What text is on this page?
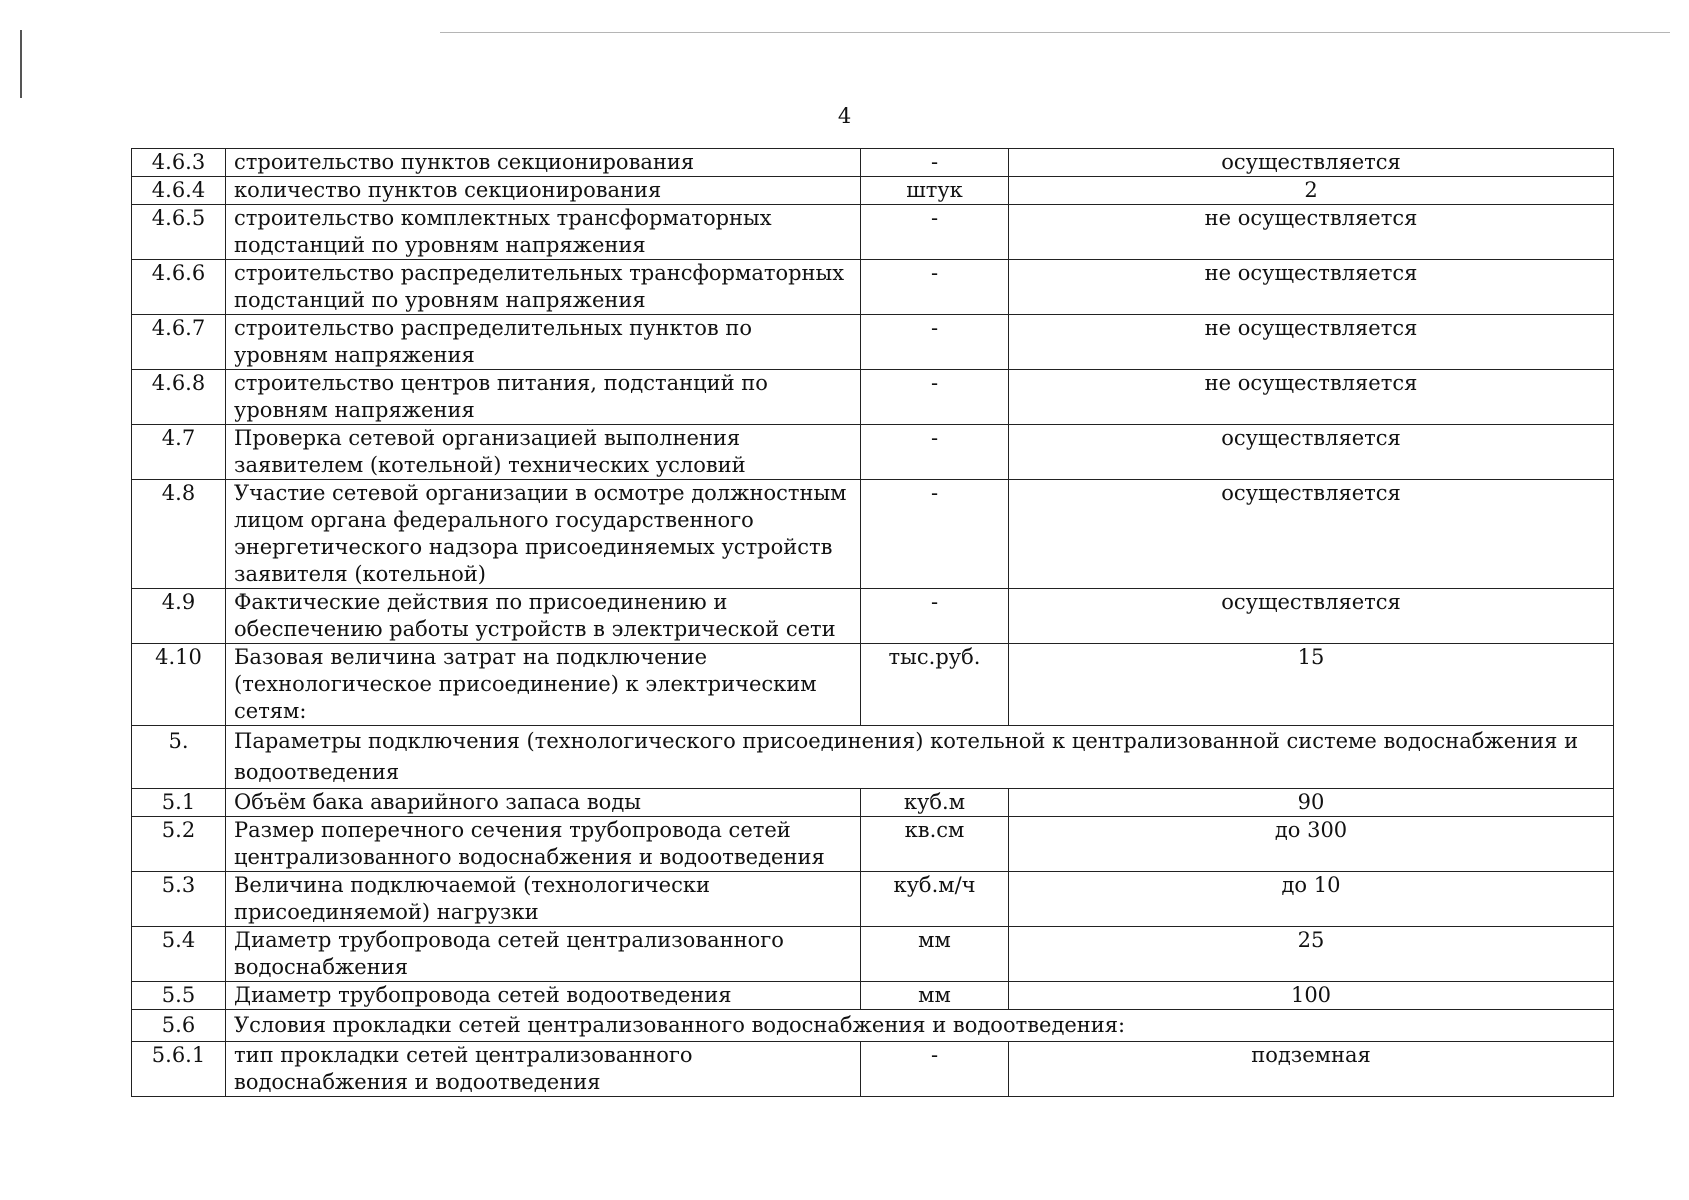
4
4.6.3	строительство пунктов секционирования	-	осуществляется
4.6.4	количество пунктов секционирования	штук	2
4.6.5	строительство комплектных трансформаторных подстанций по уровням напряжения	-	не осуществляется
4.6.6	строительство распределительных трансформаторных подстанций по уровням напряжения	-	не осуществляется
4.6.7	строительство распределительных пунктов по уровням напряжения	-	не осуществляется
4.6.8	строительство центров питания, подстанций по уровням напряжения	-	не осуществляется
4.7	Проверка сетевой организацией выполнения заявителем (котельной) технических условий	-	осуществляется
4.8	Участие сетевой организации в осмотре должностным лицом органа федерального государственного энергетического надзора присоединяемых устройств заявителя (котельной)	-	осуществляется
4.9	Фактические действия по присоединению и обеспечению работы устройств в электрической сети	-	осуществляется
4.10	Базовая величина затрат на подключение (технологическое присоединение) к электрическим сетям:	тыс.руб.	15
5.	Параметры подключения (технологического присоединения) котельной к централизованной системе водоснабжения и водоотведения		
5.1	Объём бака аварийного запаса воды	куб.м	90
5.2	Размер поперечного сечения трубопровода сетей централизованного водоснабжения и водоотведения	кв.см	до 300
5.3	Величина подключаемой (технологически присоединяемой) нагрузки	куб.м/ч	до 10
5.4	Диаметр трубопровода сетей централизованного водоснабжения	мм	25
5.5	Диаметр трубопровода сетей водоотведения	мм	100
5.6	Условия прокладки сетей централизованного водоснабжения и водоотведения:		
5.6.1	тип прокладки сетей централизованного водоснабжения и водоотведения	-	подземная
